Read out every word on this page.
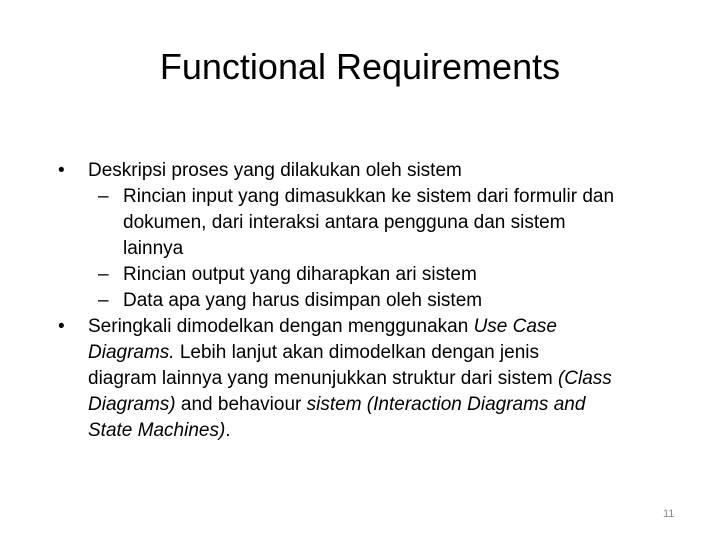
Functional Requirements
• Deskripsi proses yang dilakukan oleh sistem
– Rincian input yang dimasukkan ke sistem dari formulir dan
dokumen, dari interaksi antara pengguna dan sistem
lainnya
– Rincian output yang diharapkan ari sistem
– Data apa yang harus disimpan oleh sistem
• Seringkali dimodelkan dengan menggunakan Use Case
Diagrams. Lebih lanjut akan dimodelkan dengan jenis
diagram lainnya yang menunjukkan struktur dari sistem (Class
Diagrams) and behaviour sistem (Interaction Diagrams and
State Machines).
11
